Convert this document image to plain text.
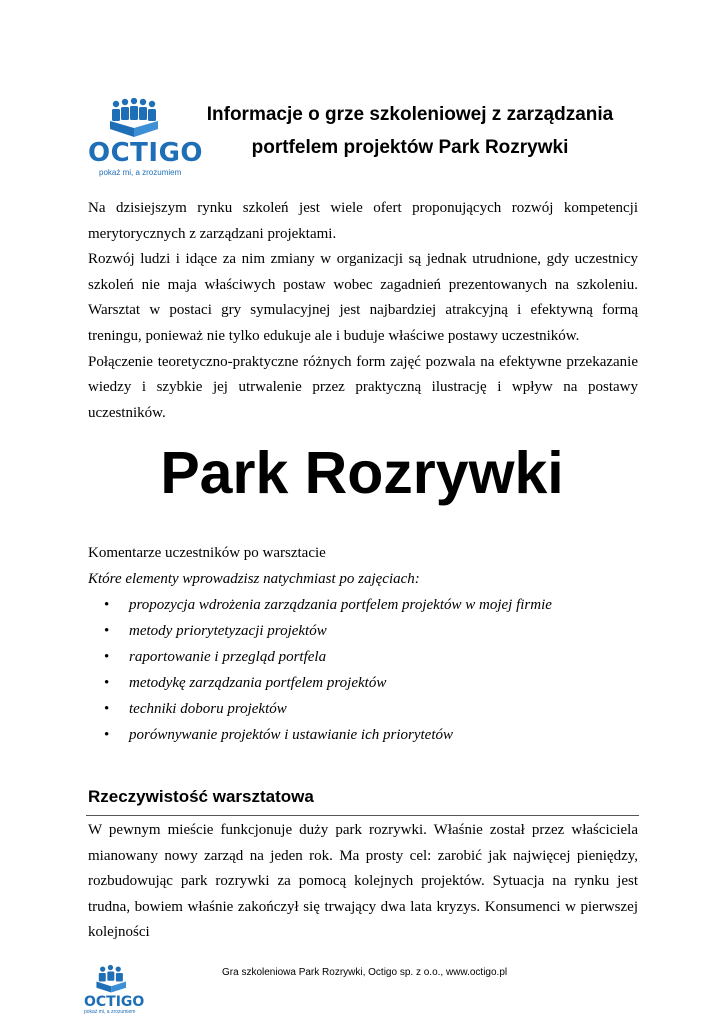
OCTIGO
pokaż mi, a zrozumiem
Informacje o grze szkoleniowej z zarządzania
portfelem projektów Park Rozrywki

Na dzisiejszym rynku szkoleń jest wiele ofert proponujących rozwój kompetencji merytorycznych z zarządzani projektami.

Rozwój ludzi i idące za nim zmiany w organizacji są jednak utrudnione, gdy uczestnicy szkoleń nie maja właściwych postaw wobec zagadnień prezentowanych na szkoleniu. Warsztat w postaci gry symulacyjnej jest najbardziej atrakcyjną i efektywną formą treningu, ponieważ nie tylko edukuje ale i buduje właściwe postawy uczestników.

Połączenie teoretyczno-praktyczne różnych form zajęć pozwala na efektywne przekazanie wiedzy i szybkie jej utrwalenie przez praktyczną ilustrację i wpływ na postawy uczestników.

Park Rozrywki

Komentarze uczestników po warsztacie

Które elementy wprowadzisz natychmiast po zajęciach:

• propozycja wdrożenia zarządzania portfelem projektów w mojej firmie
• metody priorytetyzacji projektów
• raportowanie i przegląd portfela
• metodykę zarządzania portfelem projektów
• techniki doboru projektów
• porównywanie projektów i ustawianie ich priorytetów
Rzeczywistość warsztatowa

W pewnym mieście funkcjonuje duży park rozrywki. Właśnie został przez właściciela mianowany nowy zarząd na jeden rok. Ma prosty cel: zarobić jak najwięcej pieniędzy, rozbudowując park rozrywki za pomocą kolejnych projektów. Sytuacja na rynku jest trudna, bowiem właśnie zakończył się trwający dwa lata kryzys. Konsumenci w pierwszej kolejności

OCTIGO
pokaż mi, a zrozumiem
Gra szkoleniowa Park Rozrywki, Octigo sp. z o.o., www.octigo.pl
